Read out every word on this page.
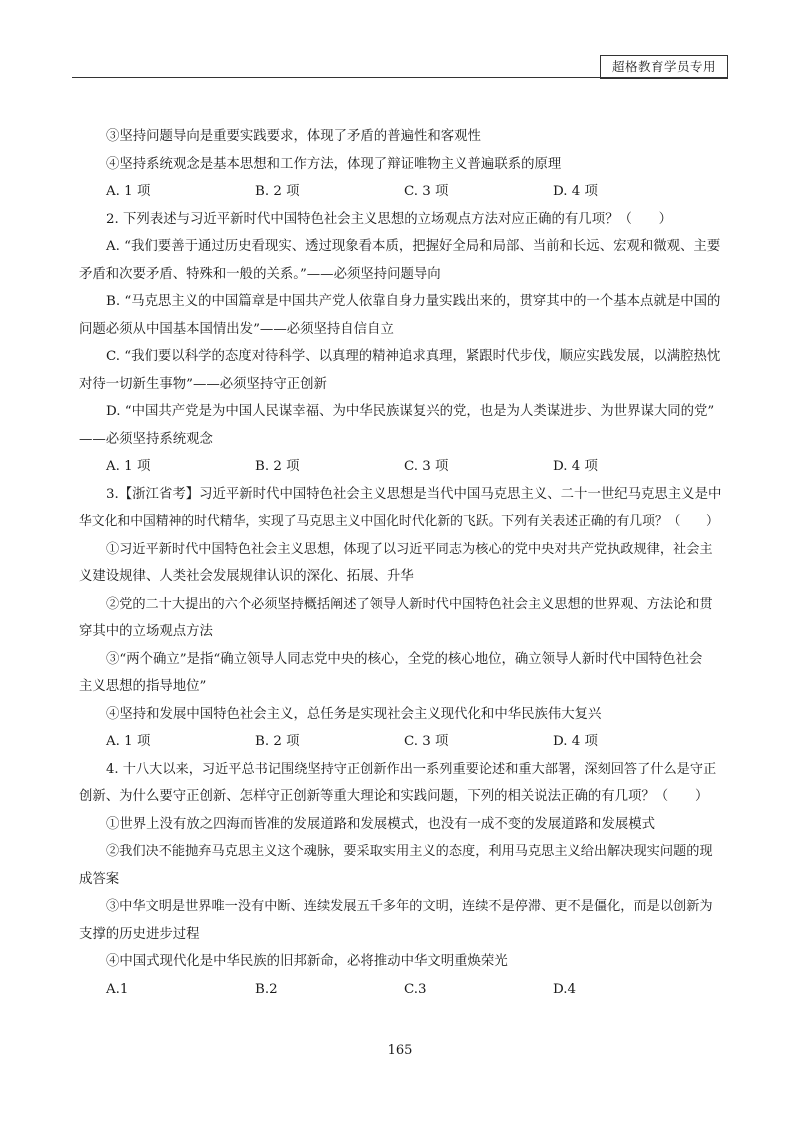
超格教育学员专用
③坚持问题导向是重要实践要求，体现了矛盾的普遍性和客观性
④坚持系统观念是基本思想和工作方法，体现了辩证唯物主义普遍联系的原理
A. 1 项	B. 2 项	C. 3 项	D. 4 项
2. 下列表述与习近平新时代中国特色社会主义思想的立场观点方法对应正确的有几项？（　　）
A. “我们要善于通过历史看现实、透过现象看本质，把握好全局和局部、当前和长远、宏观和微观、主要
矛盾和次要矛盾、特殊和一般的关系。”——必须坚持问题导向
B. “马克思主义的中国篇章是中国共产党人依靠自身力量实践出来的，贯穿其中的一个基本点就是中国的
问题必须从中国基本国情出发”——必须坚持自信自立
C. “我们要以科学的态度对待科学、以真理的精神追求真理，紧跟时代步伐，顺应实践发展，以满腔热忱
对待一切新生事物”——必须坚持守正创新
D. “中国共产党是为中国人民谋幸福、为中华民族谋复兴的党，也是为人类谋进步、为世界谋大同的党”
——必须坚持系统观念
A. 1 项	B. 2 项	C. 3 项	D. 4 项
3.【浙江省考】习近平新时代中国特色社会主义思想是当代中国马克思主义、二十一世纪马克思主义是中
华文化和中国精神的时代精华，实现了马克思主义中国化时代化新的飞跃。下列有关表述正确的有几项？（　　）
①习近平新时代中国特色社会主义思想，体现了以习近平同志为核心的党中央对共产党执政规律，社会主
义建设规律、人类社会发展规律认识的深化、拓展、升华
②党的二十大提出的六个必须坚持概括阐述了领导人新时代中国特色社会主义思想的世界观、方法论和贯
穿其中的立场观点方法
③“两个确立”是指“确立领导人同志党中央的核心，全党的核心地位，确立领导人新时代中国特色社会
主义思想的指导地位”
④坚持和发展中国特色社会主义，总任务是实现社会主义现代化和中华民族伟大复兴
A. 1 项	B. 2 项	C. 3 项	D. 4 项
4. 十八大以来，习近平总书记围绕坚持守正创新作出一系列重要论述和重大部署，深刻回答了什么是守正
创新、为什么要守正创新、怎样守正创新等重大理论和实践问题，下列的相关说法正确的有几项？（　　）
①世界上没有放之四海而皆准的发展道路和发展模式，也没有一成不变的发展道路和发展模式
②我们决不能抛弃马克思主义这个魂脉，要采取实用主义的态度，利用马克思主义给出解决现实问题的现
成答案
③中华文明是世界唯一没有中断、连续发展五千多年的文明，连续不是停滞、更不是僵化，而是以创新为
支撑的历史进步过程
④中国式现代化是中华民族的旧邦新命，必将推动中华文明重焕荣光
A.1	B.2	C.3	D.4
165
